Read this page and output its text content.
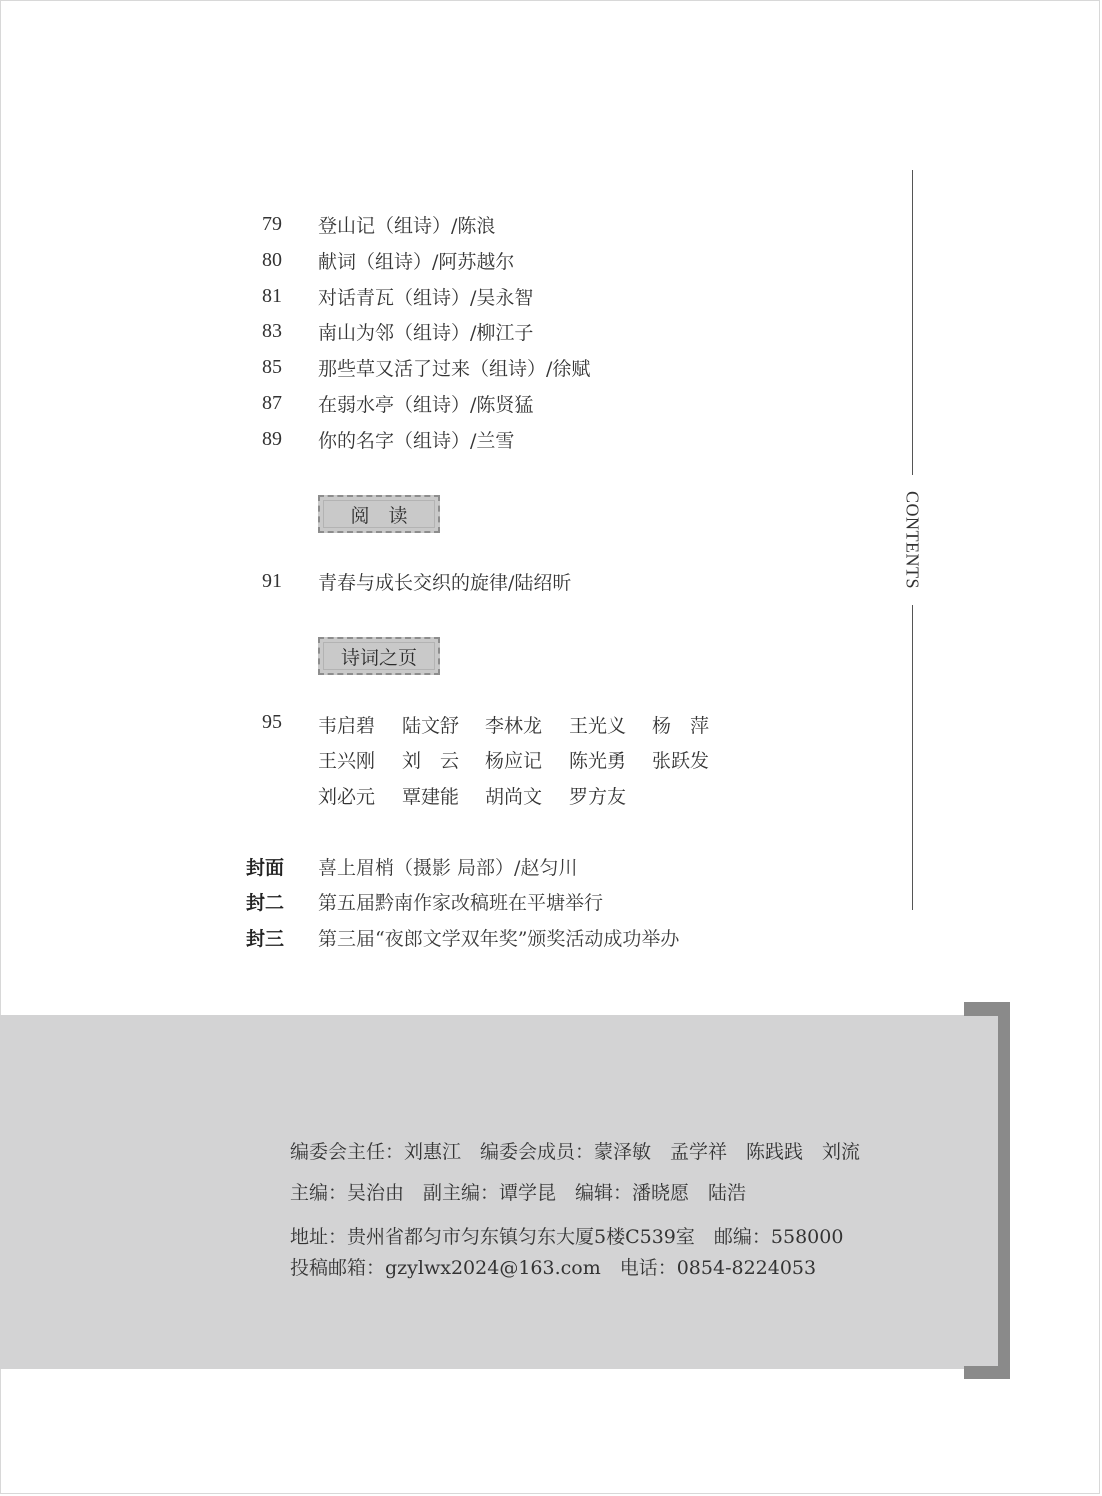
CONTENTS
79	登山记（组诗）/陈浪
80	献词（组诗）/阿苏越尔
81	对话青瓦（组诗）/吴永智
83	南山为邻（组诗）/柳江子
85	那些草又活了过来（组诗）/徐赋
87	在弱水亭（组诗）/陈贤猛
89	你的名字（组诗）/兰雪
阅　读
91	青春与成长交织的旋律/陆绍昕
诗词之页
95 韦启碧 陆文舒 李林龙 王光义 杨　萍
王兴刚 刘　云 杨应记 陈光勇 张跃发
刘必元 覃建能 胡尚文 罗方友
封面	喜上眉梢（摄影 局部）/赵匀川
封二	第五届黔南作家改稿班在平塘举行
封三	第三届“夜郎文学双年奖”颁奖活动成功举办
编委会主任：刘惠江　编委会成员：蒙泽敏　孟学祥　陈践践　刘流
主编：吴治由　副主编：谭学昆　编辑：潘晓愿　陆浩
地址：贵州省都匀市匀东镇匀东大厦5楼C539室　邮编：558000
投稿邮箱：gzylwx2024@163.com　电话：0854-8224053
